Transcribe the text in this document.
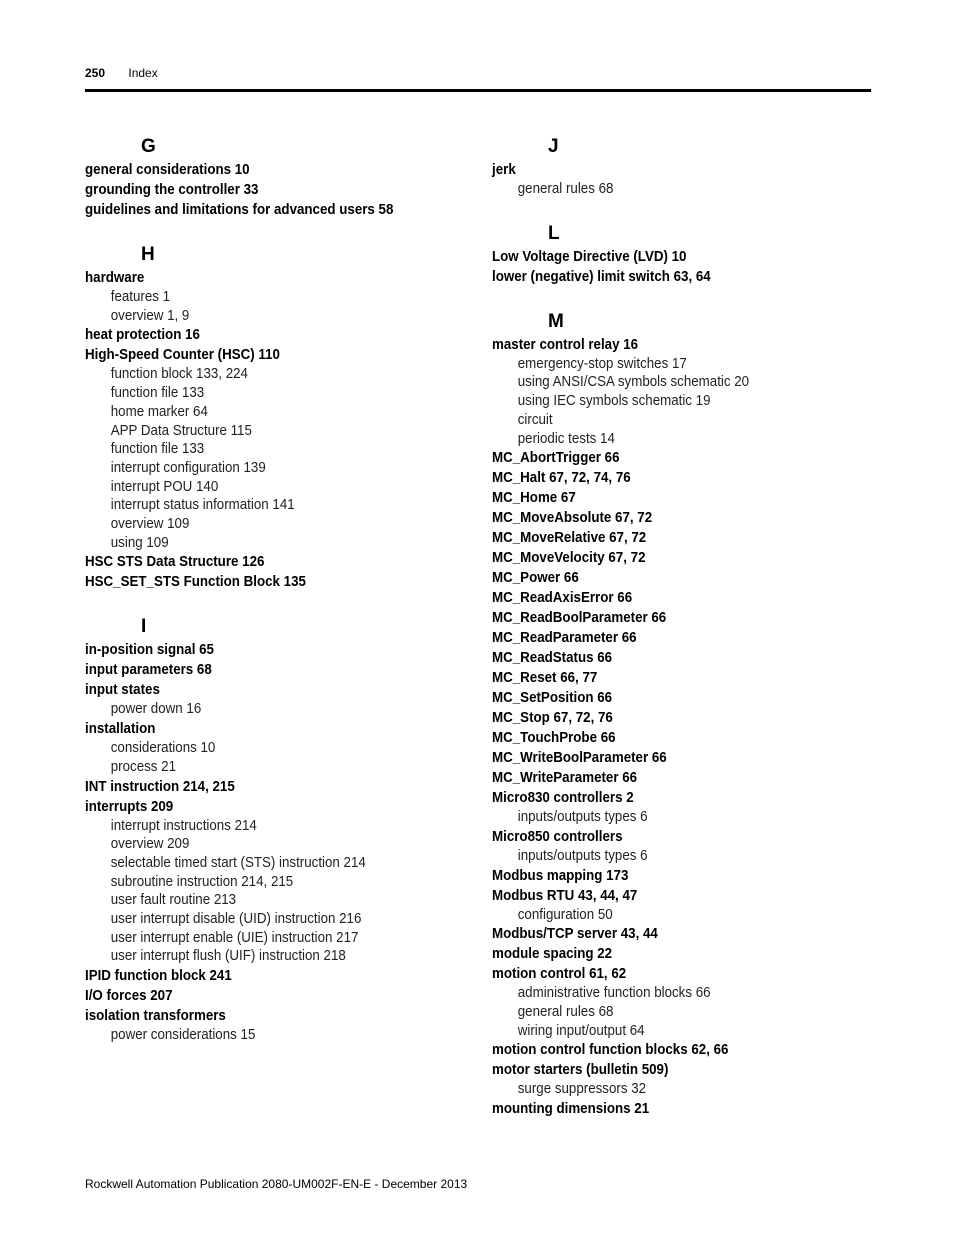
250 Index
G
general considerations 10
grounding the controller 33
guidelines and limitations for advanced users 58
H
hardware
features 1
overview 1, 9
heat protection 16
High-Speed Counter (HSC) 110
function block 133, 224
function file 133
home marker 64
APP Data Structure 115
function file 133
interrupt configuration 139
interrupt POU 140
interrupt status information 141
overview 109
using 109
HSC STS Data Structure 126
HSC_SET_STS Function Block 135
I
in-position signal 65
input parameters 68
input states
power down 16
installation
considerations 10
process 21
INT instruction 214, 215
interrupts 209
interrupt instructions 214
overview 209
selectable timed start (STS) instruction 214
subroutine instruction 214, 215
user fault routine 213
user interrupt disable (UID) instruction 216
user interrupt enable (UIE) instruction 217
user interrupt flush (UIF) instruction 218
IPID function block 241
I/O forces 207
isolation transformers
power considerations 15
J
jerk
general rules 68
L
Low Voltage Directive (LVD) 10
lower (negative) limit switch 63, 64
M
master control relay 16
emergency-stop switches 17
using ANSI/CSA symbols schematic 20
using IEC symbols schematic 19
circuit
periodic tests 14
MC_AbortTrigger 66
MC_Halt 67, 72, 74, 76
MC_Home 67
MC_MoveAbsolute 67, 72
MC_MoveRelative 67, 72
MC_MoveVelocity 67, 72
MC_Power 66
MC_ReadAxisError 66
MC_ReadBoolParameter 66
MC_ReadParameter 66
MC_ReadStatus 66
MC_Reset 66, 77
MC_SetPosition 66
MC_Stop 67, 72, 76
MC_TouchProbe 66
MC_WriteBoolParameter 66
MC_WriteParameter 66
Micro830 controllers 2
inputs/outputs types 6
Micro850 controllers
inputs/outputs types 6
Modbus mapping 173
Modbus RTU 43, 44, 47
configuration 50
Modbus/TCP server 43, 44
module spacing 22
motion control 61, 62
administrative function blocks 66
general rules 68
wiring input/output 64
motion control function blocks 62, 66
motor starters (bulletin 509)
surge suppressors 32
mounting dimensions 21
Rockwell Automation Publication 2080-UM002F-EN-E - December 2013
